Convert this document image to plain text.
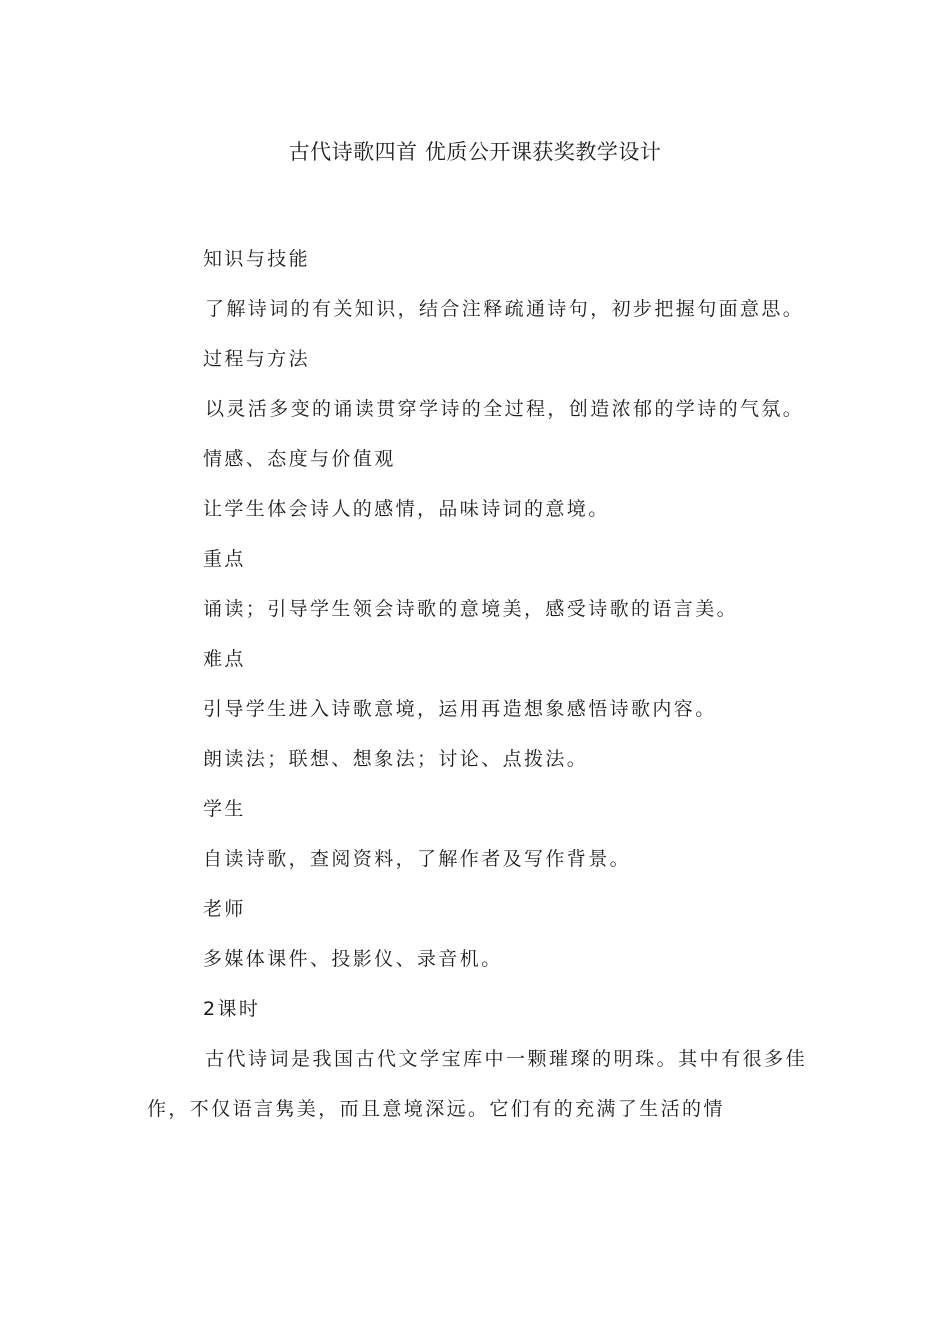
古代诗歌四首 优质公开课获奖教学设计

知识与技能

了解诗词的有关知识，结合注释疏通诗句，初步把握句面意思。

过程与方法

以灵活多变的诵读贯穿学诗的全过程，创造浓郁的学诗的气氛。

情感、态度与价值观

让学生体会诗人的感情，品味诗词的意境。

重点

诵读；引导学生领会诗歌的意境美，感受诗歌的语言美。

难点

引导学生进入诗歌意境，运用再造想象感悟诗歌内容。

朗读法；联想、想象法；讨论、点拨法。

学生

自读诗歌，查阅资料，了解作者及写作背景。

老师

多媒体课件、投影仪、录音机。

2课时

古代诗词是我国古代文学宝库中一颗璀璨的明珠。其中有很多佳作，不仅语言隽美，而且意境深远。它们有的充满了生活的情
